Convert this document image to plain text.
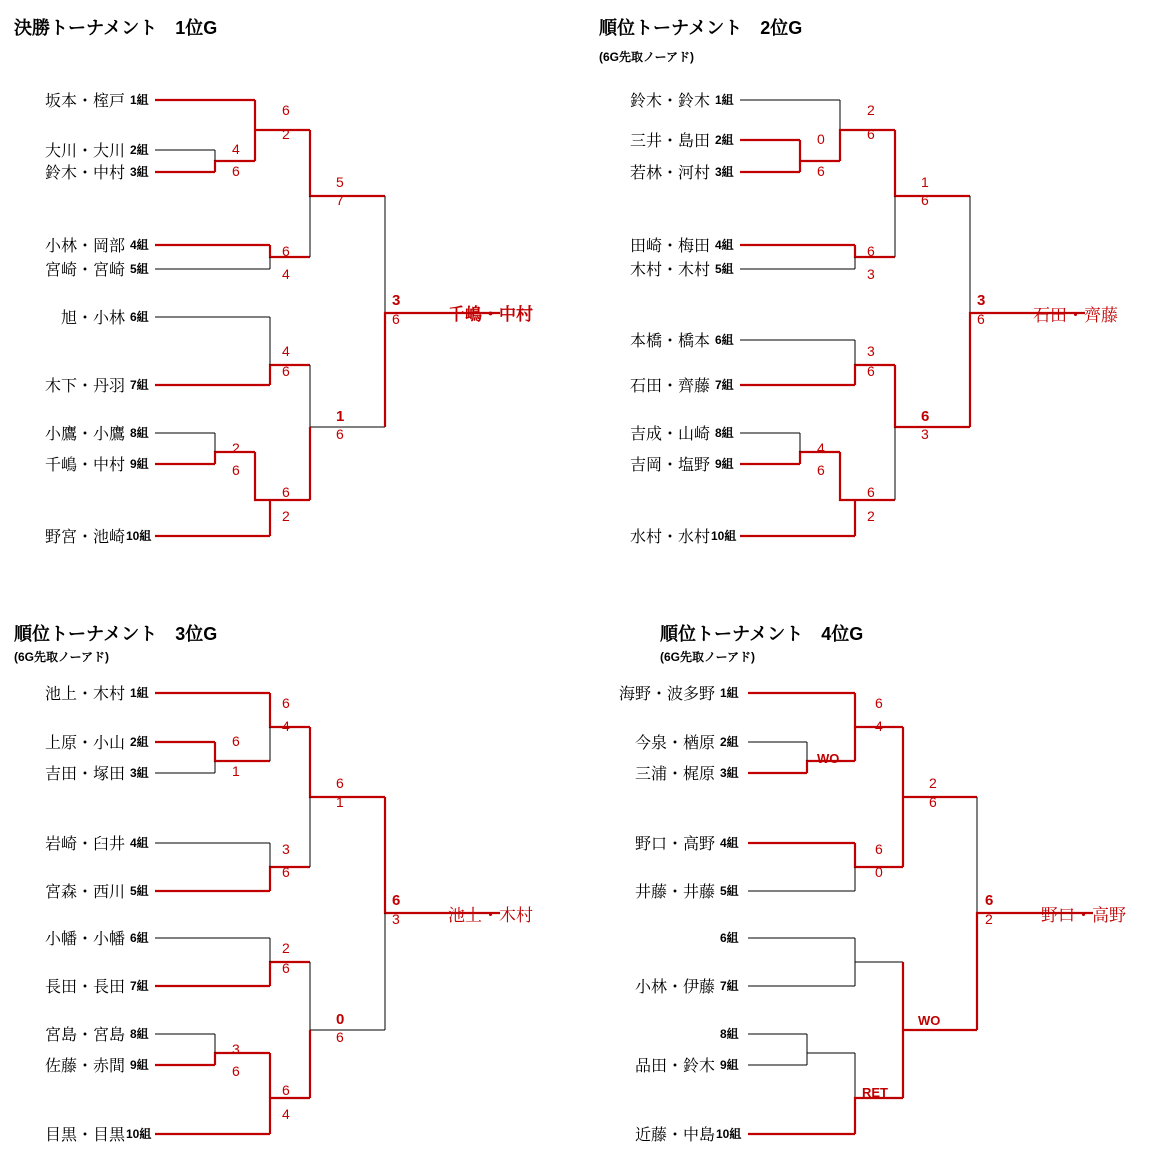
決勝トーナメント　1位G
坂本・榁戸 1組
大川・大川 2組
鈴木・中村 3組
小林・岡部 4組
宮崎・宮崎 5組
旭・小林 6組
木下・丹羽 7組
小鷹・小鷹 8組
千嶋・中村 9組
野宮・池崎 10組
4
6
6
2
6
4
5
7
4
6
2
6
6
2
1
6
3
6	千嶋・中村
順位トーナメント　2位G
(6G先取ノーアド)
鈴木・鈴木 1組
三井・島田 2組
若林・河村 3組
田崎・梅田 4組
木村・木村 5組
本橋・橋本 6組
石田・齊藤 7組
吉成・山崎 8組
吉岡・塩野 9組
水村・水村 10組
0
6
2
6
6
3
1
6
3
6
4
6
6
2
6
3
3
6	石田・齊藤
順位トーナメント　3位G
(6G先取ノーアド)
池上・木村 1組
上原・小山 2組
吉田・塚田 3組
岩崎・臼井 4組
宮森・西川 5組
小幡・小幡 6組
長田・長田 7組
宮島・宮島 8組
佐藤・赤間 9組
目黒・目黒 10組
6
1
6
4
3
6
6
1
2
6
3
6
6
4
0
6
6
3	池上・木村
順位トーナメント　4位G
(6G先取ノーアド)
海野・波多野 1組
今泉・楢原 2組
三浦・梶原 3組
野口・高野 4組
井藤・井藤 5組
6組
小林・伊藤 7組
8組
品田・鈴木 9組
近藤・中島 10組
WO
6
4
6
0
2
6
RET
WO
6
2	野口・高野
